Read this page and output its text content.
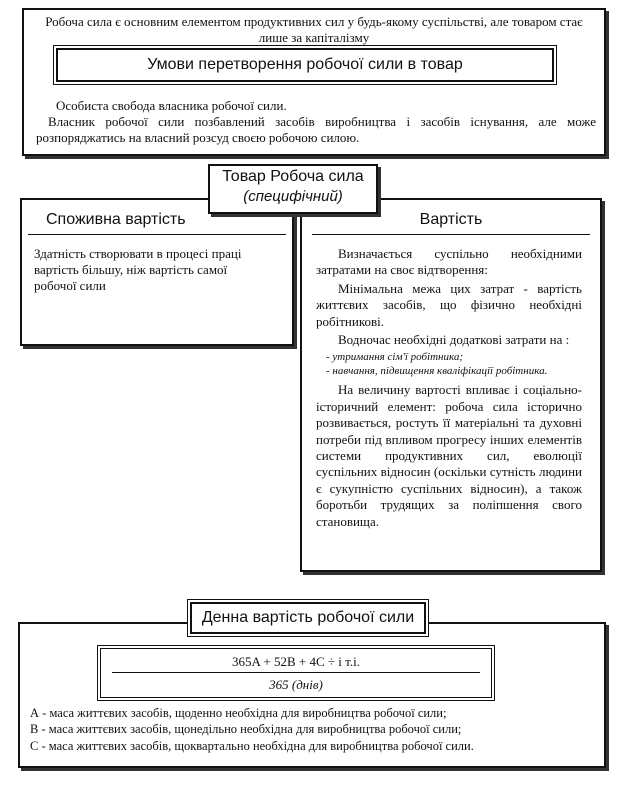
Робоча сила є основним елементом продуктивних сил у будь-якому суспільстві, але товаром стає лише за капіталізму

Умови перетворення робочої сили в товар

Особиста свобода власника робочої сили.

Власник робочої сили позбавлений засобів виробництва і засобів існування, але може розпоряджатись на власний розсуд своєю робочою силою.

Споживна вартість

Здатність створювати в процесі праці вартість більшу, ніж вартість самої робочої сили

Вартість

Визначається суспільно необхідними затратами на своє відтворення:

Мінімальна межа цих затрат - вартість життєвих засобів, що фізично необхідні робітникові.

Водночас необхідні додаткові затрати на :

- утримання сім'ї робітника;

- навчання, підвищення кваліфікації робітника.

На величину вартості впливає і соціально-історичний елемент: робоча сила історично розвивається, ростуть її матеріальні та духовні потреби під впливом прогресу інших елементів системи продуктивних сил, еволюції суспільних відносин (оскільки сутність людини є сукупністю суспільних відносин), а також боротьби трудящих за поліпшення свого становища.

Товар Робоча сила

(специфічний)

Денна вартість робочої сили

365A + 52B + 4C ÷ і т.і.

365 (днів)

А - маса життєвих засобів, щоденно необхідна для виробництва робочої сили;

В - маса життєвих засобів, щонедільно необхідна для виробництва робочої сили;

С - маса життєвих засобів, щоквартально необхідна для виробництва робочої сили.
